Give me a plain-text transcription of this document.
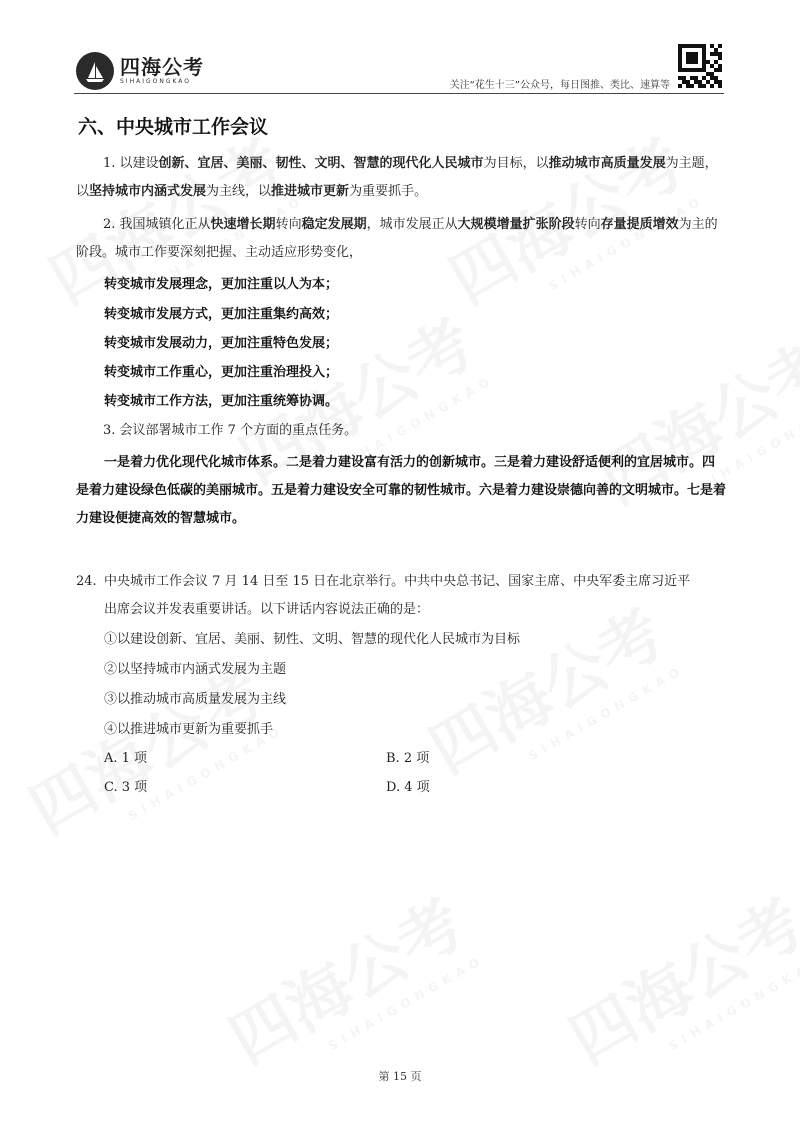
四海公考
SIHAIGONGKAO	关注“花生十三”公众号，每日图推、类比、速算等
六、中央城市工作会议

1. 以建设创新、宜居、美丽、韧性、文明、智慧的现代化人民城市为目标，以推动城市高质量发展为主题，以坚持城市内涵式发展为主线，以推进城市更新为重要抓手。

2. 我国城镇化正从快速增长期转向稳定发展期，城市发展正从大规模增量扩张阶段转向存量提质增效为主的阶段。城市工作要深刻把握、主动适应形势变化，

转变城市发展理念，更加注重以人为本；
转变城市发展方式，更加注重集约高效；
转变城市发展动力，更加注重特色发展；
转变城市工作重心，更加注重治理投入；
转变城市工作方法，更加注重统筹协调。

3. 会议部署城市工作 7 个方面的重点任务。

一是着力优化现代化城市体系。二是着力建设富有活力的创新城市。三是着力建设舒适便利的宜居城市。四是着力建设绿色低碳的美丽城市。五是着力建设安全可靠的韧性城市。六是着力建设崇德向善的文明城市。七是着力建设便捷高效的智慧城市。

24. 中央城市工作会议 7 月 14 日至 15 日在北京举行。中共中央总书记、国家主席、中央军委主席习近平
出席会议并发表重要讲话。以下讲话内容说法正确的是：
①以建设创新、宜居、美丽、韧性、文明、智慧的现代化人民城市为目标
②以坚持城市内涵式发展为主题
③以推动城市高质量发展为主线
④以推进城市更新为重要抓手
A. 1 项	B. 2 项
C. 3 项	D. 4 项
第 15 页
